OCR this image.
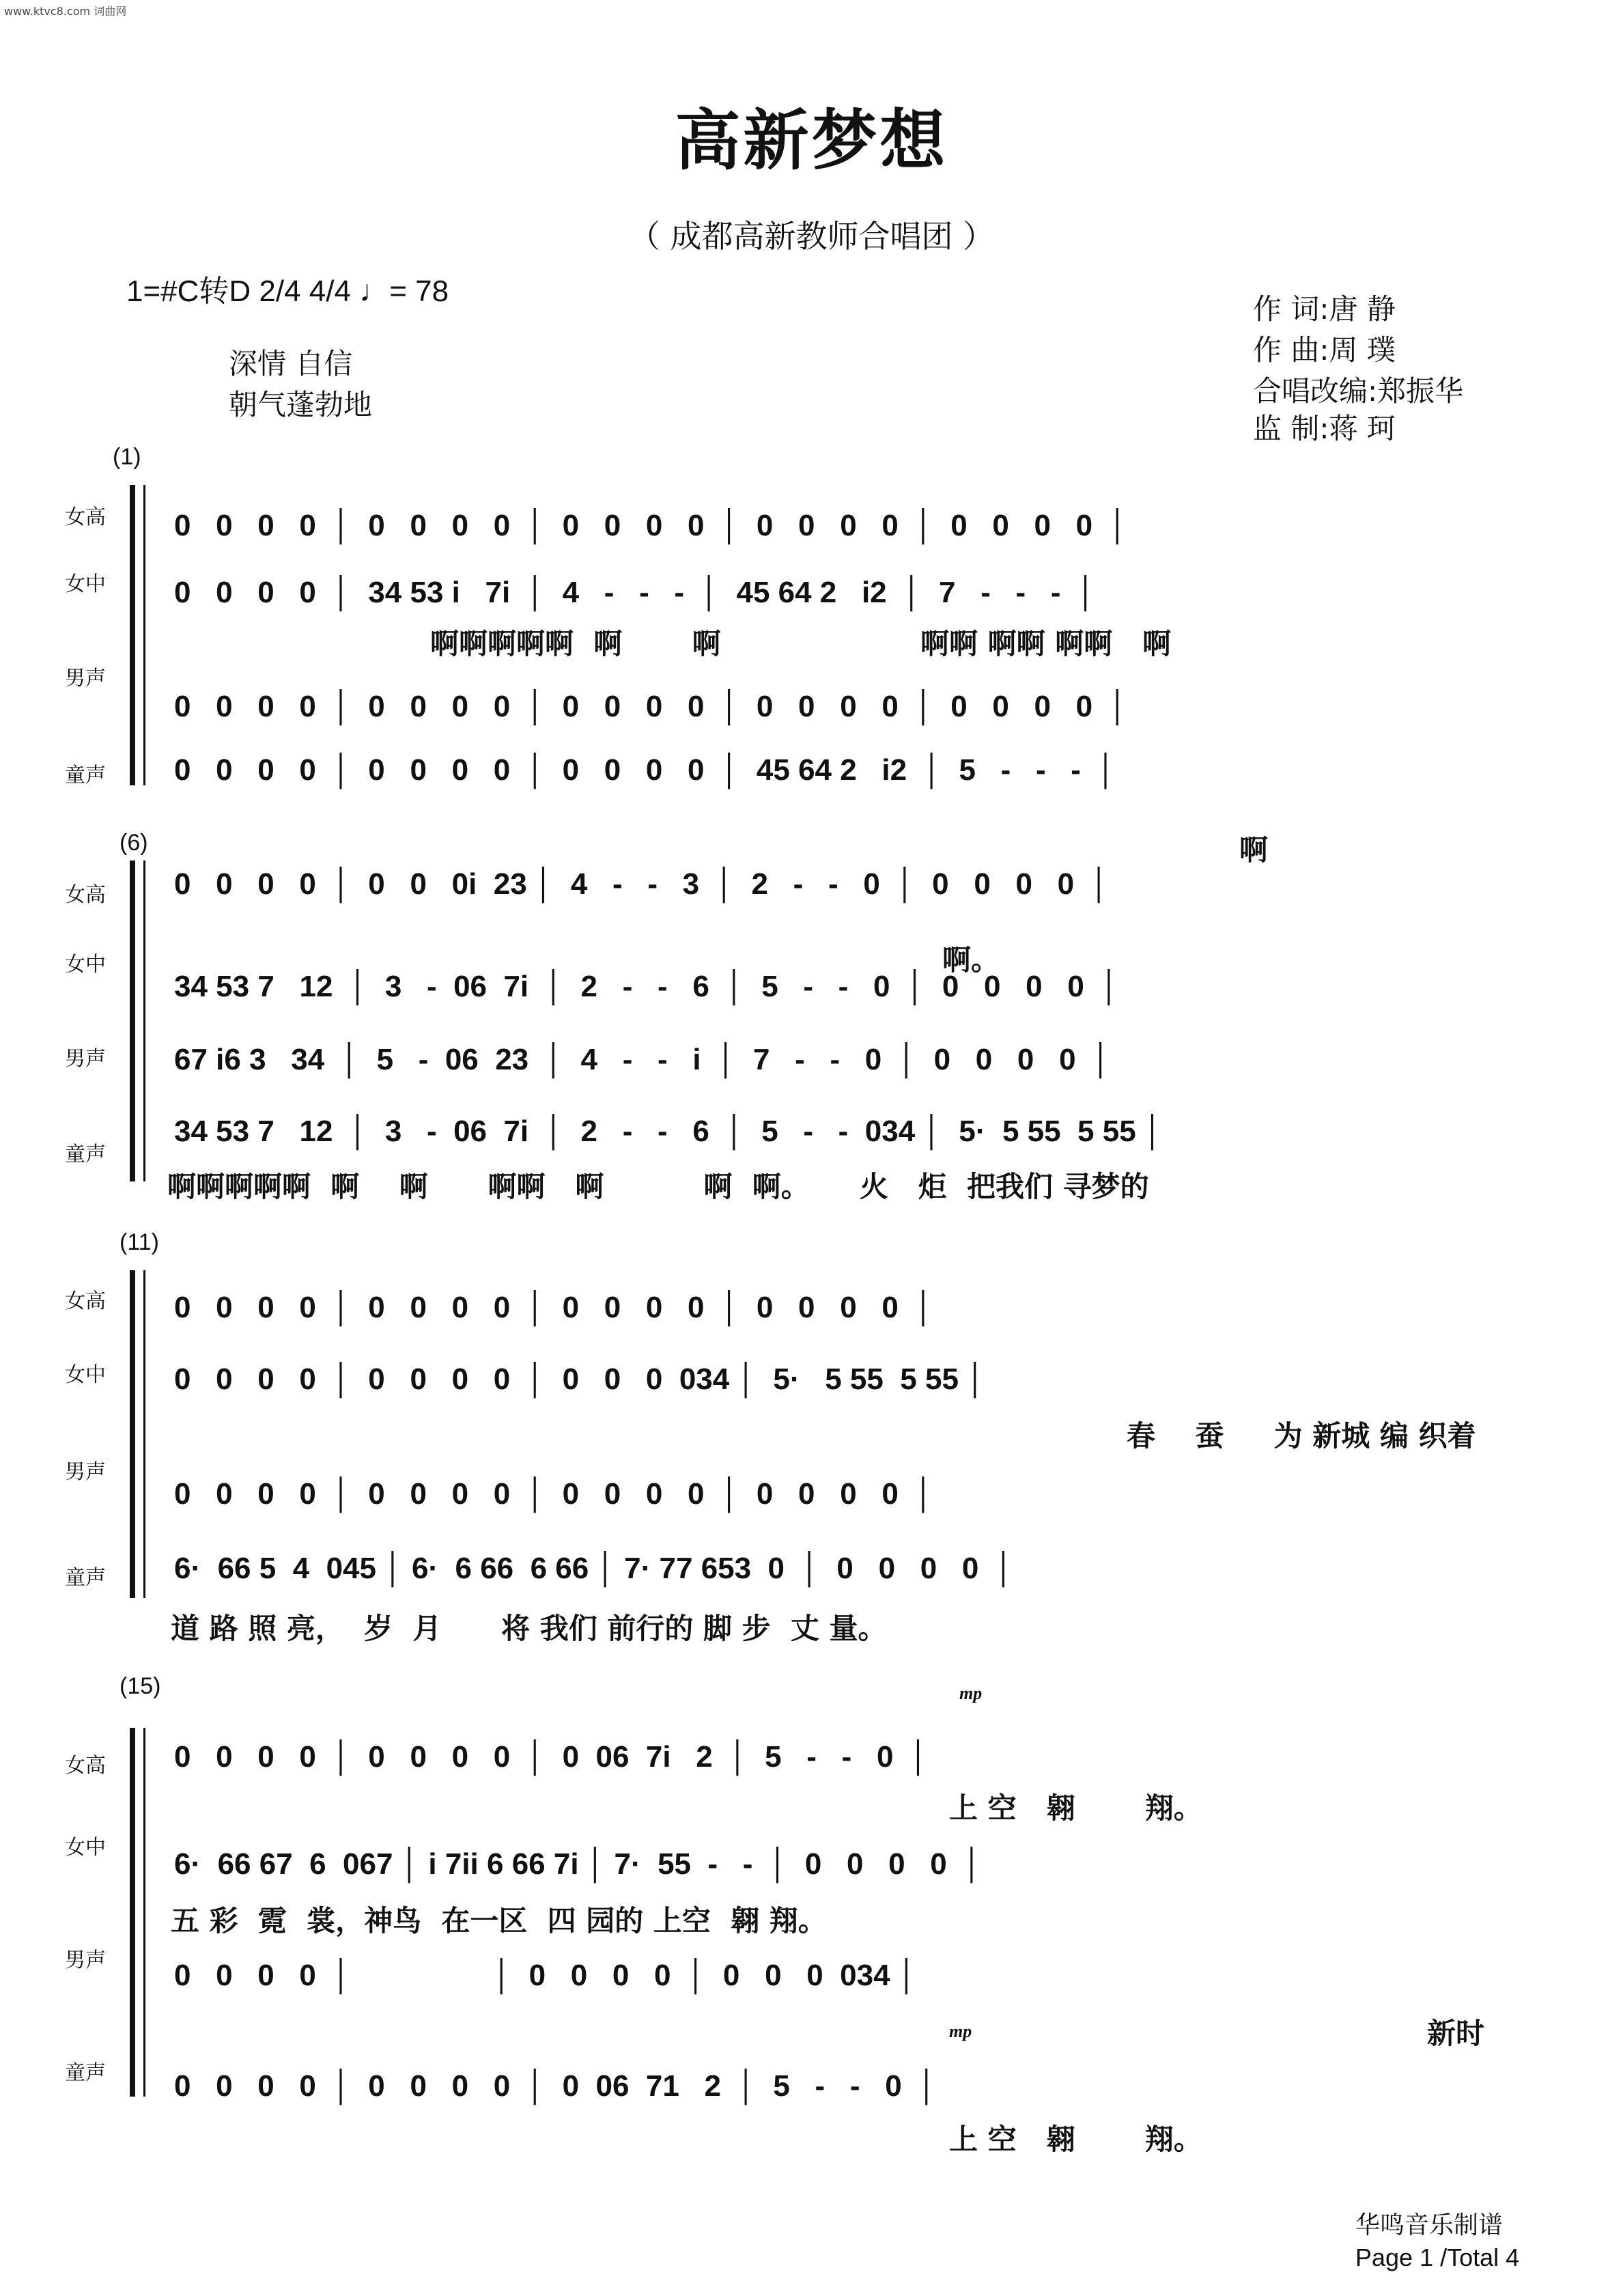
www.ktvc8.com 词曲网
高新梦想
（ 成都高新教师合唱团 ）
1=#C转D 2/4 4/4 ♩= 78
深情 自信
朝气蓬勃地
作 词:唐 静
作 曲:周 璞
合唱改编:郑振华
监 制:蒋 珂
(1)
女高
女中
男声
童声
0   0   0   0  │  0   0   0   0  │  0   0   0   0  │  0   0   0   0  │  0   0   0   0  │
0   0   0   0  │  34 53 i   7i  │  4   -   -   -  │  45 64 2   i2  │  7   -   -   -  │
啊啊啊啊啊  啊       啊                    啊啊 啊啊 啊啊   啊
0   0   0   0  │  0   0   0   0  │  0   0   0   0  │  0   0   0   0  │  0   0   0   0  │
0   0   0   0  │  0   0   0   0  │  0   0   0   0  │  45 64 2   i2  │  5   -   -   -  │
啊
(6)
女高
女中
男声
童声
0   0   0   0  │  0   0   0i  23 │  4   -   -   3  │  2   -   -   0  │  0   0   0   0  │
啊。
34 53 7   12  │  3   -  06  7i  │  2   -   -   6  │  5   -   -   0  │  0   0   0   0  │
67 i6 3   34  │  5   -  06  23  │  4   -   -   i  │  7   -   -   0  │  0   0   0   0  │
34 53 7   12  │  3   -  06  7i  │  2   -   -   6  │  5   -   -  034 │  5·  5 55  5 55 │
啊啊啊啊啊  啊    啊      啊啊   啊          啊  啊。     火   炬  把我们 寻梦的
(11)
女高
女中
男声
童声
0   0   0   0  │  0   0   0   0  │  0   0   0   0  │  0   0   0   0  │
0   0   0   0  │  0   0   0   0  │  0   0   0  034 │  5·   5 55  5 55 │
春    蚕     为 新城 编 织着
0   0   0   0  │  0   0   0   0  │  0   0   0   0  │  0   0   0   0  │
6·  66 5  4  045 │ 6·  6 66  6 66 │ 7· 77 653  0  │  0   0   0   0  │
道 路 照 亮，  岁  月      将 我们 前行的 脚 步  丈 量。
(15)	mp
mp
女高
女中
男声
童声
0   0   0   0  │  0   0   0   0  │  0  06  7i   2  │  5   -   -   0  │
上 空   翱       翔。
6·  66 67  6  067 │ i 7ii 6 66 7i │ 7·  55  -   -  │  0   0   0   0  │
五 彩  霓  裳，神鸟  在一区  四 园的 上空  翱 翔。
0   0   0   0  │                 │  0   0   0   0  │  0   0   0  034 │
新时
0   0   0   0  │  0   0   0   0  │  0  06  71   2  │  5   -   -   0  │
上 空   翱       翔。
华鸣音乐制谱
Page 1 /Total 4
